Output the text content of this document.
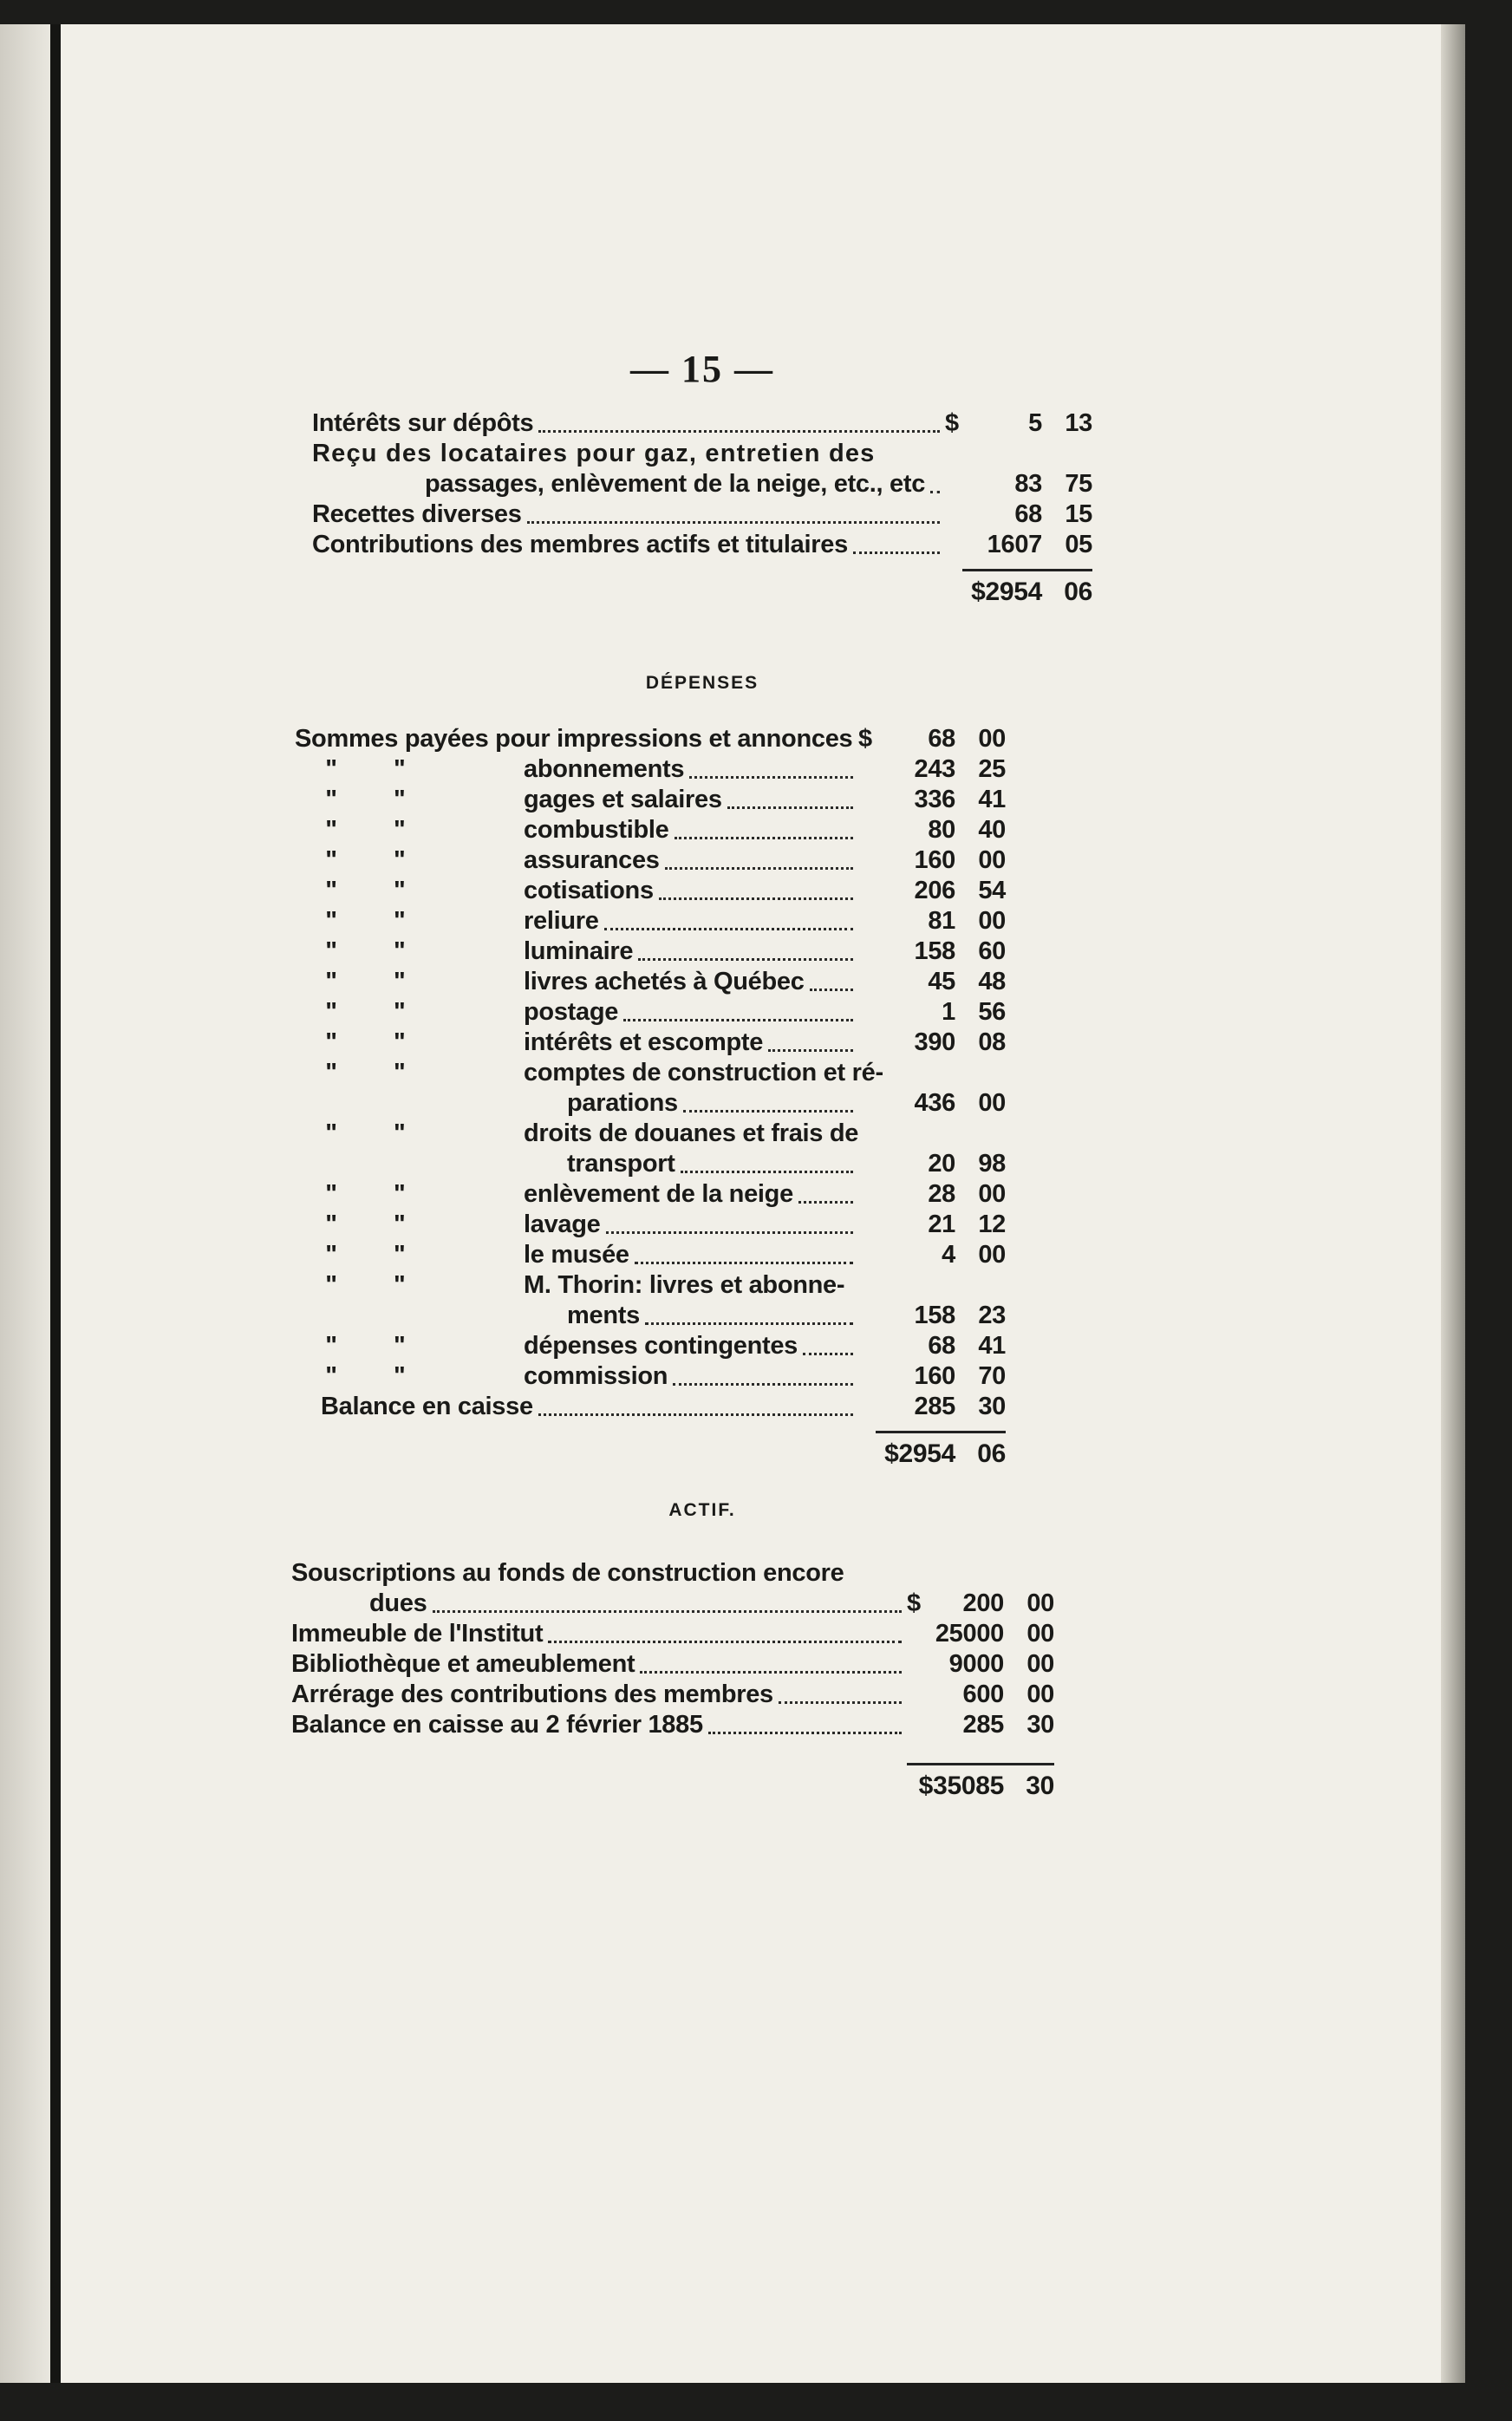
— 15 —
Intérêts sur dépôts	$	5 13
Reçu des locataires pour gaz, entretien des
passages, enlèvement de la neige, etc., etc	83 75
Recettes diverses	68 15
Contributions des membres actifs et titulaires	1607 05
$2954 06
DÉPENSES
Sommes payées pour impressions et annonces $	68 00
"	"	abonnements	243 25
"	"	gages et salaires	336 41
"	"	combustible	80 40
"	"	assurances	160 00
"	"	cotisations	206 54
"	"	reliure	81 00
"	"	luminaire	158 60
"	"	livres achetés à Québec	45 48
"	"	postage	1 56
"	"	intérêts et escompte	390 08
"	"	comptes de construction et ré-
parations	436 00
"	"	droits de douanes et frais de
transport	20 98
"	"	enlèvement de la neige	28 00
"	"	lavage	21 12
"	"	le musée	4 00
"	"	M. Thorin: livres et abonne-
ments	158 23
"	"	dépenses contingentes	68 41
"	"	commission	160 70
Balance en caisse	285 30
$2954 06
ACTIF.
Souscriptions au fonds de construction encore
dues	$	200 00
Immeuble de l'Institut	25000 00
Bibliothèque et ameublement	9000 00
Arrérage des contributions des membres	600 00
Balance en caisse au 2 février 1885	285 30
$35085 30
